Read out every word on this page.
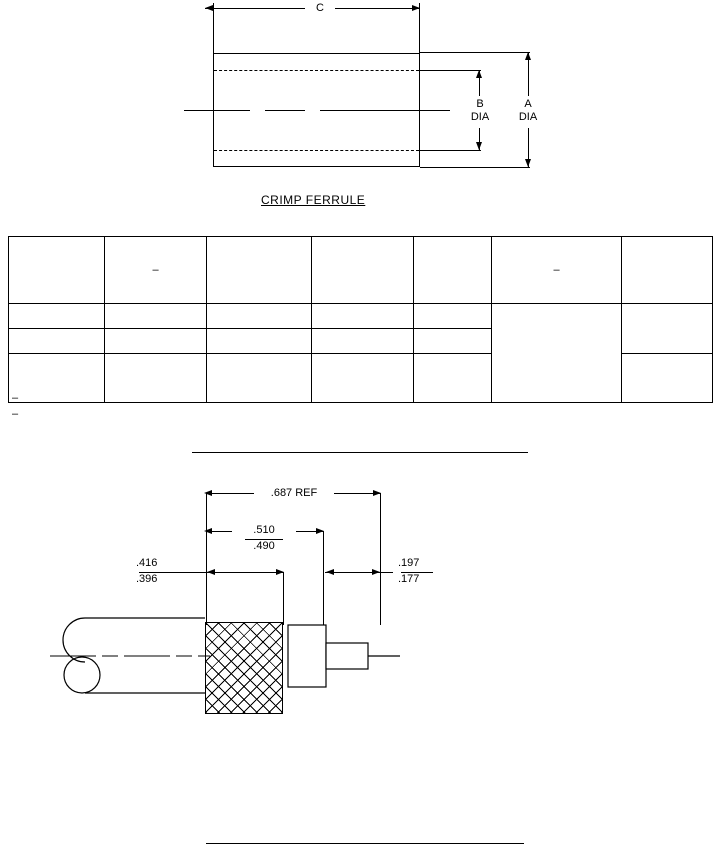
C
B
DIA
A
DIA
CRIMP FERRULE
	–				–	

–
–
.687 REF
.510
.490
.416
.396
.197
.177
